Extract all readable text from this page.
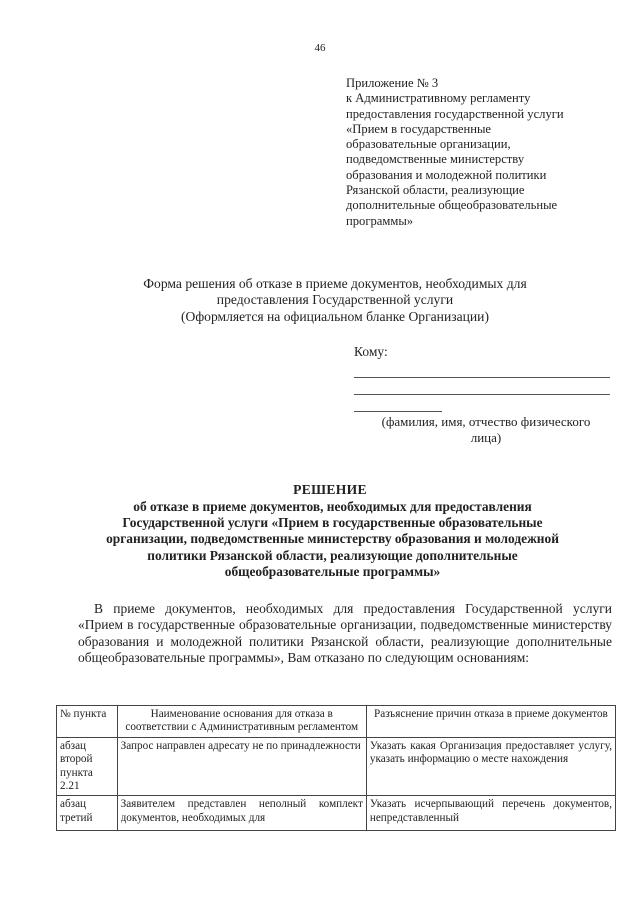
46
Приложение № 3
к Административному регламенту
предоставления государственной услуги
«Прием в государственные
образовательные организации,
подведомственные министерству
образования и молодежной политики
Рязанской области, реализующие
дополнительные общеобразовательные
программы»
Форма решения об отказе в приеме документов, необходимых для
предоставления Государственной услуги
(Оформляется на официальном бланке Организации)
Кому:
(фамилия, имя, отчество физического
лица)
РЕШЕНИЕ
об отказе в приеме документов, необходимых для предоставления
Государственной услуги «Прием в государственные образовательные
организации, подведомственные министерству образования и молодежной
политики Рязанской области, реализующие дополнительные
общеобразовательные программы»
В приеме документов, необходимых для предоставления Государственной услуги «Прием в государственные образовательные организации, подведомственные министерству образования и молодежной политики Рязанской области, реализующие дополнительные общеобразовательные программы», Вам отказано по следующим основаниям:
№ пункта	Наименование основания для отказа в соответствии с Административным регламентом	Разъяснение причин отказа в приеме документов
абзац второй пункта 2.21	Запрос направлен адресату не по принадлежности	Указать какая Организация предоставляет услугу, указать информацию о месте нахождения

абзац третий	Заявителем представлен неполный комплект документов, необходимых для	Указать исчерпывающий перечень документов, непредставленный
